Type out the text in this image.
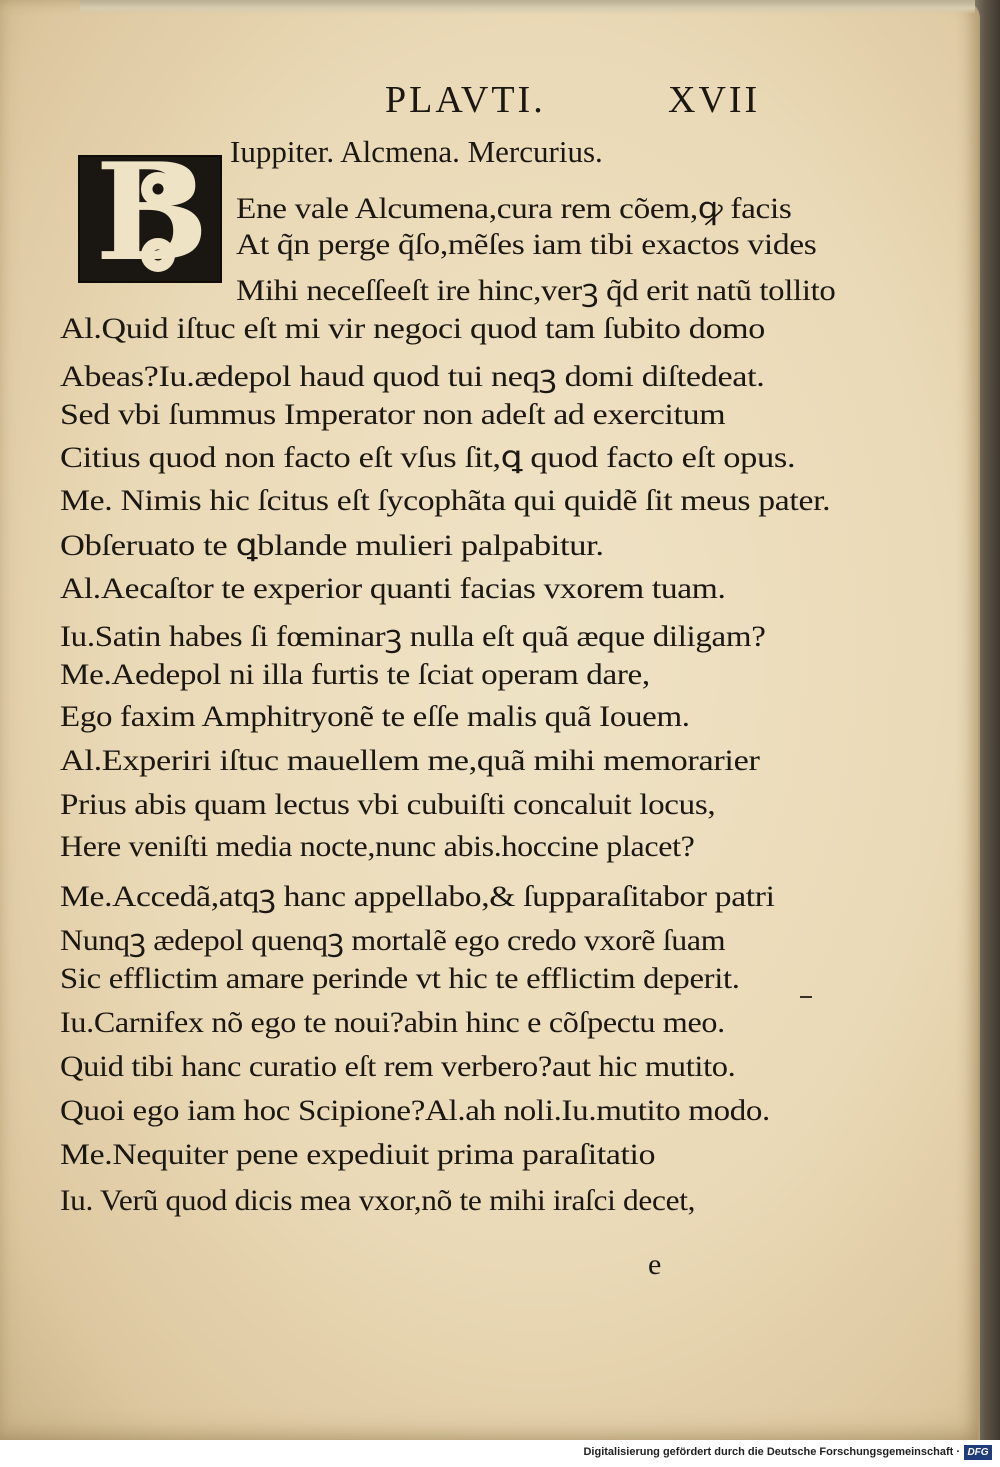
PLAVTI.	XVII
Iuppiter. Alcmena. Mercurius.
B Ene vale Alcumena,cura rem cõem,ꝙ facis
At q̃n perge q̃ſo,mẽſes iam tibi exactos vides
Mihi neceſſeeſt ire hinc,verꝫ q̃d erit natũ tollito
Al.Quid iſtuc eſt mi vir negoci quod tam ſubito domo
Abeas?Iu.ædepol haud quod tui neqꝫ domi diſtedeat.
Sed vbi ſummus Imperator non adeſt ad exercitum
Citius quod non facto eſt vſus ſit,ꝗ quod facto eſt opus.
Me. Nimis hic ſcitus eſt ſycophãta qui quidẽ ſit meus pater.
Obſeruato te ꝗblande mulieri palpabitur.
Al.Aecaſtor te experior quanti facias vxorem tuam.
Iu.Satin habes ſi fœminarꝫ nulla eſt quã æque diligam?
Me.Aedepol ni illa furtis te ſciat operam dare,
Ego faxim Amphitryonẽ te eſſe malis quã Iouem.
Al.Experiri iſtuc mauellem me,quã mihi memorarier
Prius abis quam lectus vbi cubuiſti concaluit locus,
Here veniſti media nocte,nunc abis.hoccine placet?
Me.Accedã,atqꝫ hanc appellabo,& ſupparaſitabor patri
Nunqꝫ ædepol quenqꝫ mortalẽ ego credo vxorẽ ſuam
Sic efflictim amare perinde vt hic te efflictim deperit.
Iu.Carnifex nõ ego te noui?abin hinc e cõſpectu meo.
Quid tibi hanc curatio eſt rem verbero?aut hic mutito.
Quoi ego iam hoc Scipione?Al.ah noli.Iu.mutito modo.
Me.Nequiter pene expediuit prima paraſitatio
Iu. Verũ quod dicis mea vxor,nõ te mihi iraſci decet,
e
Digitalisierung gefördert durch die Deutsche Forschungsgemeinschaft · DFG
